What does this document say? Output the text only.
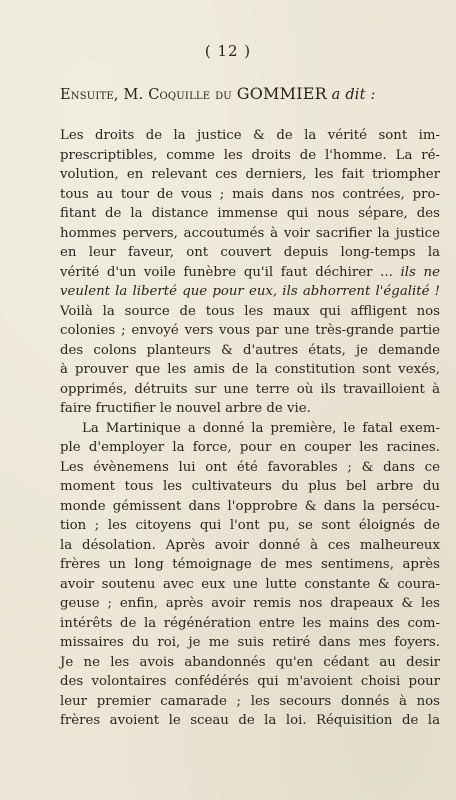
( 12 )
Ensuite, M. Coquille du GOMMIER a dit :
Les droits de la justice & de la vérité sont im-
prescriptibles, comme les droits de l'homme. La ré-
volution, en relevant ces derniers, les fait triompher
tous au tour de vous ; mais dans nos contrées, pro-
fitant de la distance immense qui nous sépare, des
hommes pervers, accoutumés à voir sacrifier la justice
en leur faveur, ont couvert depuis long-temps la
vérité d'un voile funèbre qu'il faut déchirer ... ils ne
veulent la liberté que pour eux, ils abhorrent l'égalité !
Voilà la source de tous les maux qui affligent nos
colonies ; envoyé vers vous par une très-grande partie
des colons planteurs & d'autres états, je demande
à prouver que les amis de la constitution sont vexés,
opprimés, détruits sur une terre où ils travailloient à
faire fructifier le nouvel arbre de vie.
La Martinique a donné la première, le fatal exem-
ple d'employer la force, pour en couper les racines.
Les évènemens lui ont été favorables ; & dans ce
moment tous les cultivateurs du plus bel arbre du
monde gémissent dans l'opprobre & dans la persécu-
tion ; les citoyens qui l'ont pu, se sont éloignés de
la désolation. Après avoir donné à ces malheureux
frères un long témoignage de mes sentimens, après
avoir soutenu avec eux une lutte constante & coura-
geuse ; enfin, après avoir remis nos drapeaux & les
intérêts de la régénération entre les mains des com-
missaires du roi, je me suis retiré dans mes foyers.
Je ne les avois abandonnés qu'en cédant au desir
des volontaires confédérés qui m'avoient choisi pour
leur premier camarade ; les secours donnés à nos
frères avoient le sceau de la loi. Réquisition de la
